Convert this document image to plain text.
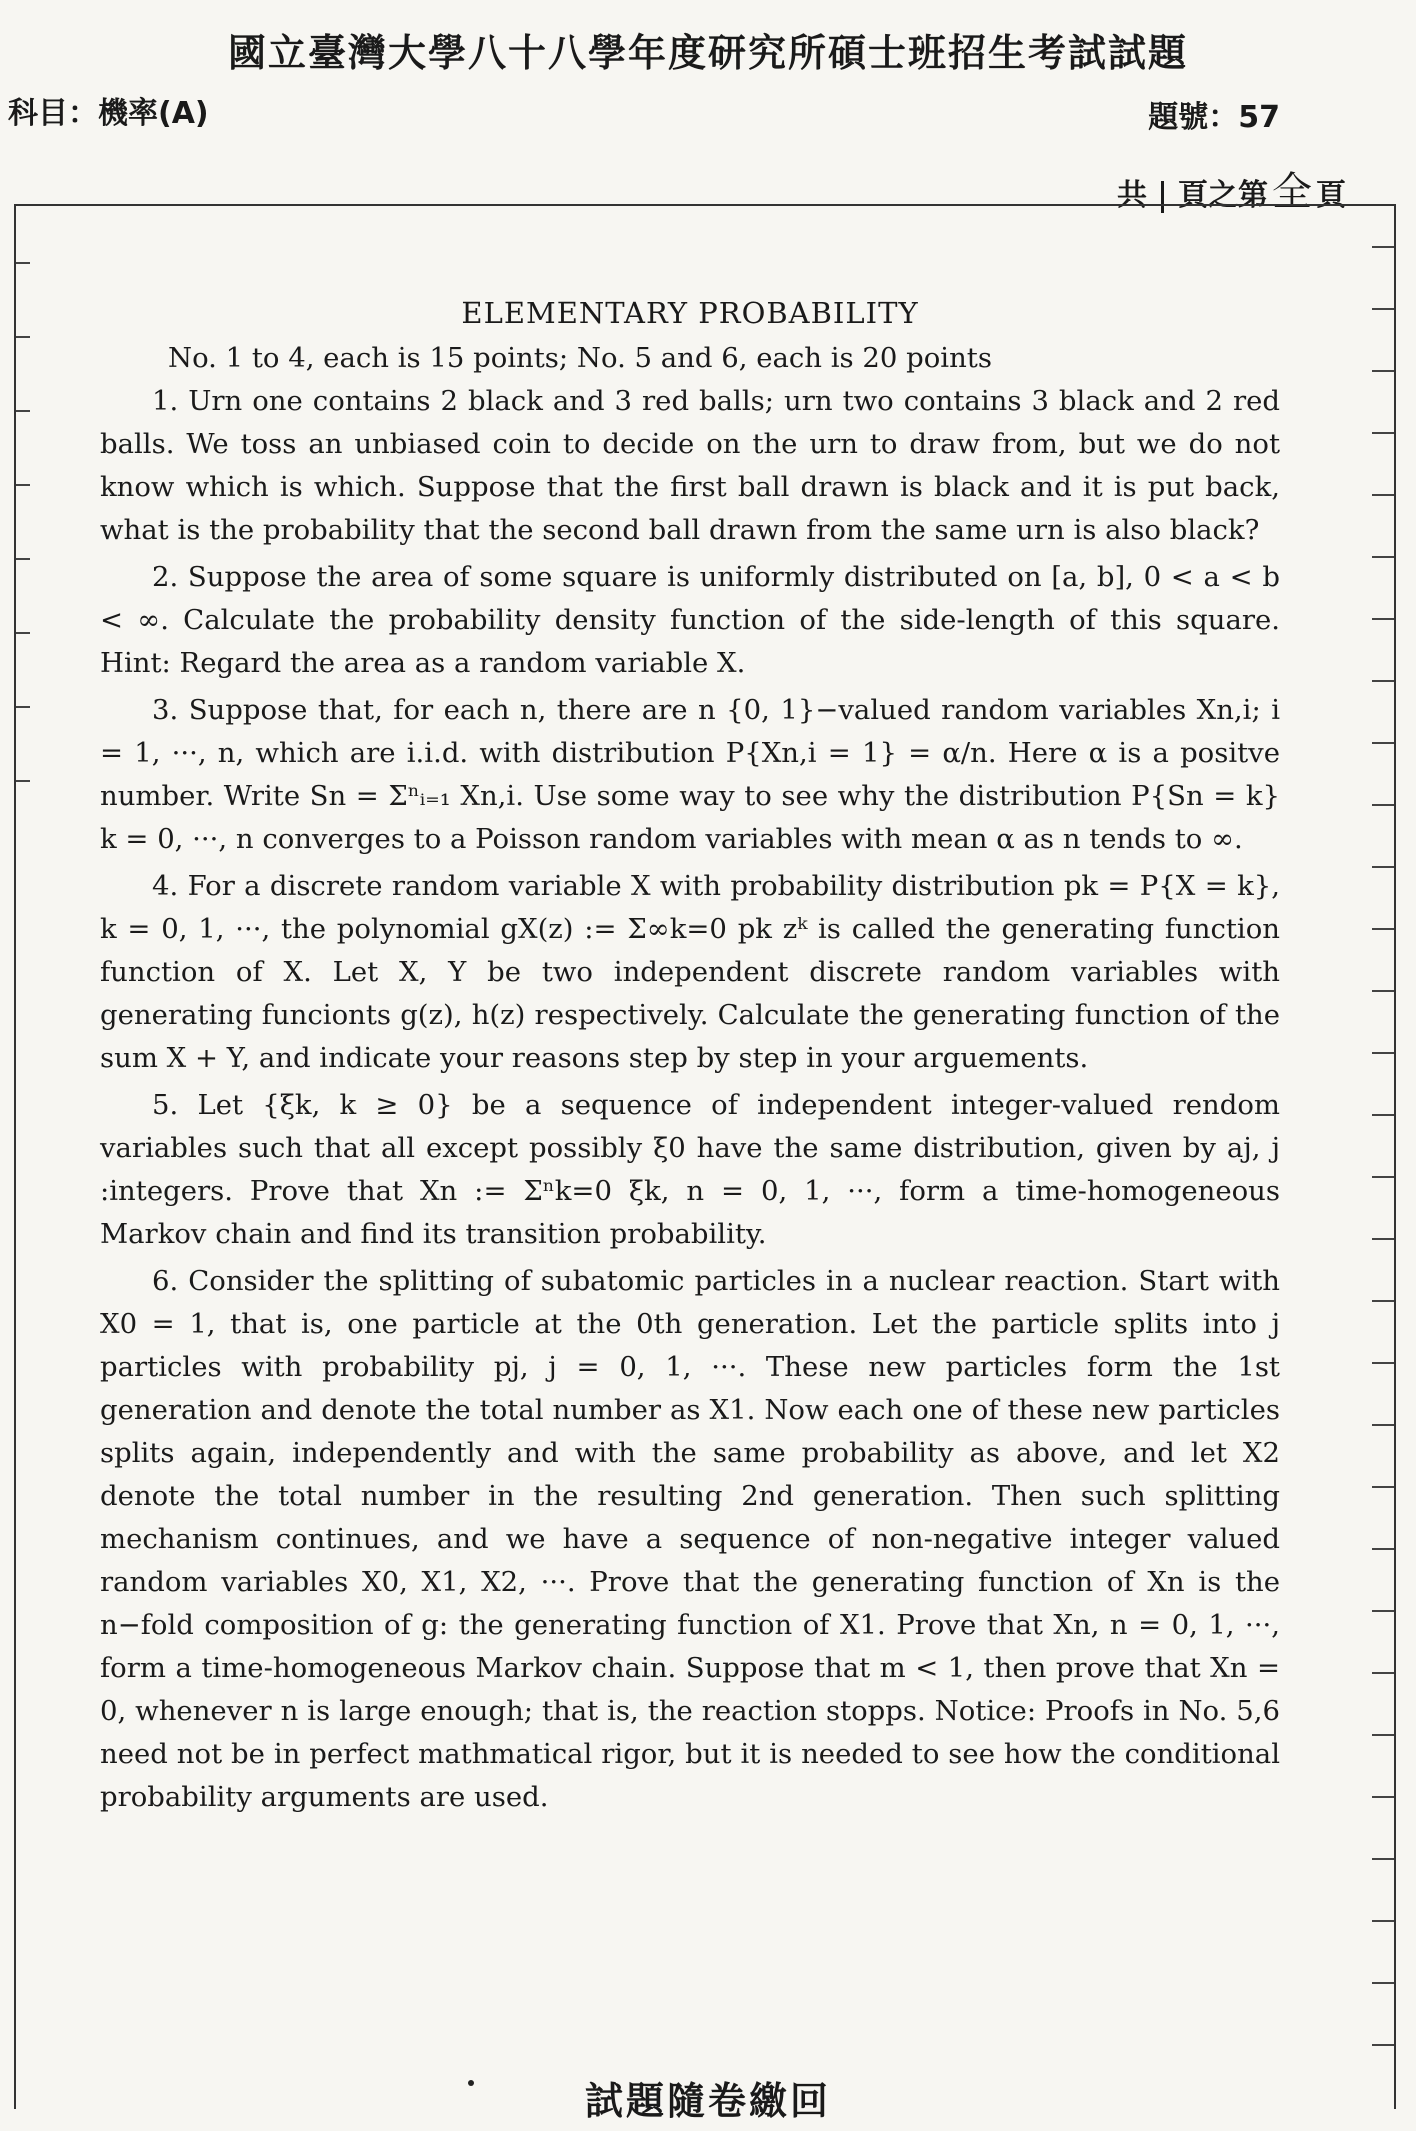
國立臺灣大學八十八學年度研究所碩士班招生考試試題
科目：機率(A)	題號：57
共 頁之第 全 頁
ELEMENTARY PROBABILITY
No. 1 to 4, each is 15 points; No. 5 and 6, each is 20 points

1. Urn one contains 2 black and 3 red balls; urn two contains 3 black and 2 red balls. We toss an unbiased coin to decide on the urn to draw from, but we do not know which is which. Suppose that the first ball drawn is black and it is put back, what is the probability that the second ball drawn from the same urn is also black?

2. Suppose the area of some square is uniformly distributed on [a, b], 0 < a < b < ∞. Calculate the probability density function of the side-length of this square. Hint: Regard the area as a random variable X.

3. Suppose that, for each n, there are n {0, 1}−valued random variables Xn,i; i = 1, ···, n, which are i.i.d. with distribution P{Xn,i = 1} = α/n. Here α is a positve number. Write Sn = Σⁿᵢ₌₁ Xn,i. Use some way to see why the distribution P{Sn = k} k = 0, ···, n converges to a Poisson random variables with mean α as n tends to ∞.

4. For a discrete random variable X with probability distribution pk = P{X = k}, k = 0, 1, ···, the polynomial gX(z) := Σ∞k=0 pk zᵏ is called the generating function function of X. Let X, Y be two independent discrete random variables with generating funcionts g(z), h(z) respectively. Calculate the generating function of the sum X + Y, and indicate your reasons step by step in your arguements.

5. Let {ξk, k ≥ 0} be a sequence of independent integer-valued rendom variables such that all except possibly ξ0 have the same distribution, given by aj, j :integers. Prove that Xn := Σⁿk=0 ξk, n = 0, 1, ···, form a time-homogeneous Markov chain and find its transition probability.

6. Consider the splitting of subatomic particles in a nuclear reaction. Start with X0 = 1, that is, one particle at the 0th generation. Let the particle splits into j particles with probability pj, j = 0, 1, ···. These new particles form the 1st generation and denote the total number as X1. Now each one of these new particles splits again, independently and with the same probability as above, and let X2 denote the total number in the resulting 2nd generation. Then such splitting mechanism continues, and we have a sequence of non-negative integer valued random variables X0, X1, X2, ···. Prove that the generating function of Xn is the n−fold composition of g: the generating function of X1. Prove that Xn, n = 0, 1, ···, form a time-homogeneous Markov chain. Suppose that m < 1, then prove that Xn = 0, whenever n is large enough; that is, the reaction stopps. Notice: Proofs in No. 5,6 need not be in perfect mathmatical rigor, but it is needed to see how the conditional probability arguments are used.

試題隨卷繳回
